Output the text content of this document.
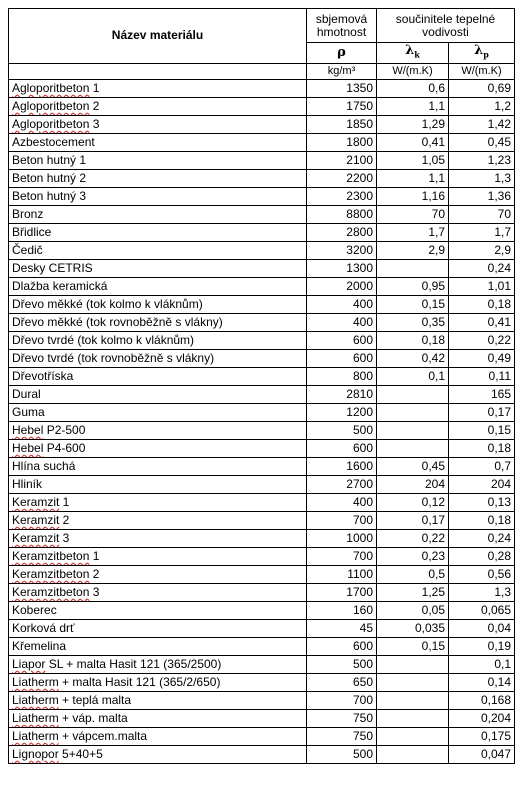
Název materiálu	sbjemová hmotnost	součinitele tepelné vodivosti	
	ρ	$\lambda_k$	$\lambda_p$
	kg/m³	W/(m.K)	W/(m.K)
Agloporitbeton 1	1350	0,6	0,69
Agloporitbeton 2	1750	1,1	1,2
Agloporitbeton 3	1850	1,29	1,42
Azbestocement	1800	0,41	0,45
Beton hutný 1	2100	1,05	1,23
Beton hutný 2	2200	1,1	1,3
Beton hutný 3	2300	1,16	1,36
Bronz	8800	70	70
Břidlice	2800	1,7	1,7
Čedič	3200	2,9	2,9
Desky CETRIS	1300		0,24
Dlažba keramická	2000	0,95	1,01
Dřevo měkké (tok kolmo k vláknům)	400	0,15	0,18
Dřevo měkké (tok rovnoběžně s vlákny)	400	0,35	0,41
Dřevo tvrdé (tok kolmo k vláknům)	600	0,18	0,22
Dřevo tvrdé (tok rovnoběžně s vlákny)	600	0,42	0,49
Dřevotříska	800	0,1	0,11
Dural	2810		165
Guma	1200		0,17
Hebel P2-500	500		0,15
Hebel P4-600	600		0,18
Hlína suchá	1600	0,45	0,7
Hliník	2700	204	204
Keramzit 1	400	0,12	0,13
Keramzit 2	700	0,17	0,18
Keramzit 3	1000	0,22	0,24
Keramzitbeton 1	700	0,23	0,28
Keramzitbeton 2	1100	0,5	0,56
Keramzitbeton 3	1700	1,25	1,3
Koberec	160	0,05	0,065
Korková drť	45	0,035	0,04
Křemelina	600	0,15	0,19
Liapor SL + malta Hasit 121 (365/2500)	500		0,1
Liatherm + malta Hasit 121 (365/2/650)	650		0,14
Liatherm + teplá malta	700		0,168
Liatherm + váp. malta	750		0,204
Liatherm + vápcem.malta	750		0,175
Lignopor 5+40+5	500		0,047
